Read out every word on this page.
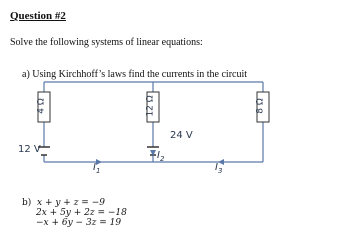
Question #2
Solve the following systems of linear equations:
a) Using Kirchhoff’s laws find the currents in the circuit
4 Ω	12 Ω	8 Ω
12 V
24 V
$I_1$
$I_2$
$I_3$
b) x + y + z = −9
2x + 5y + 2z = −18
−x + 6y − 3z = 19
